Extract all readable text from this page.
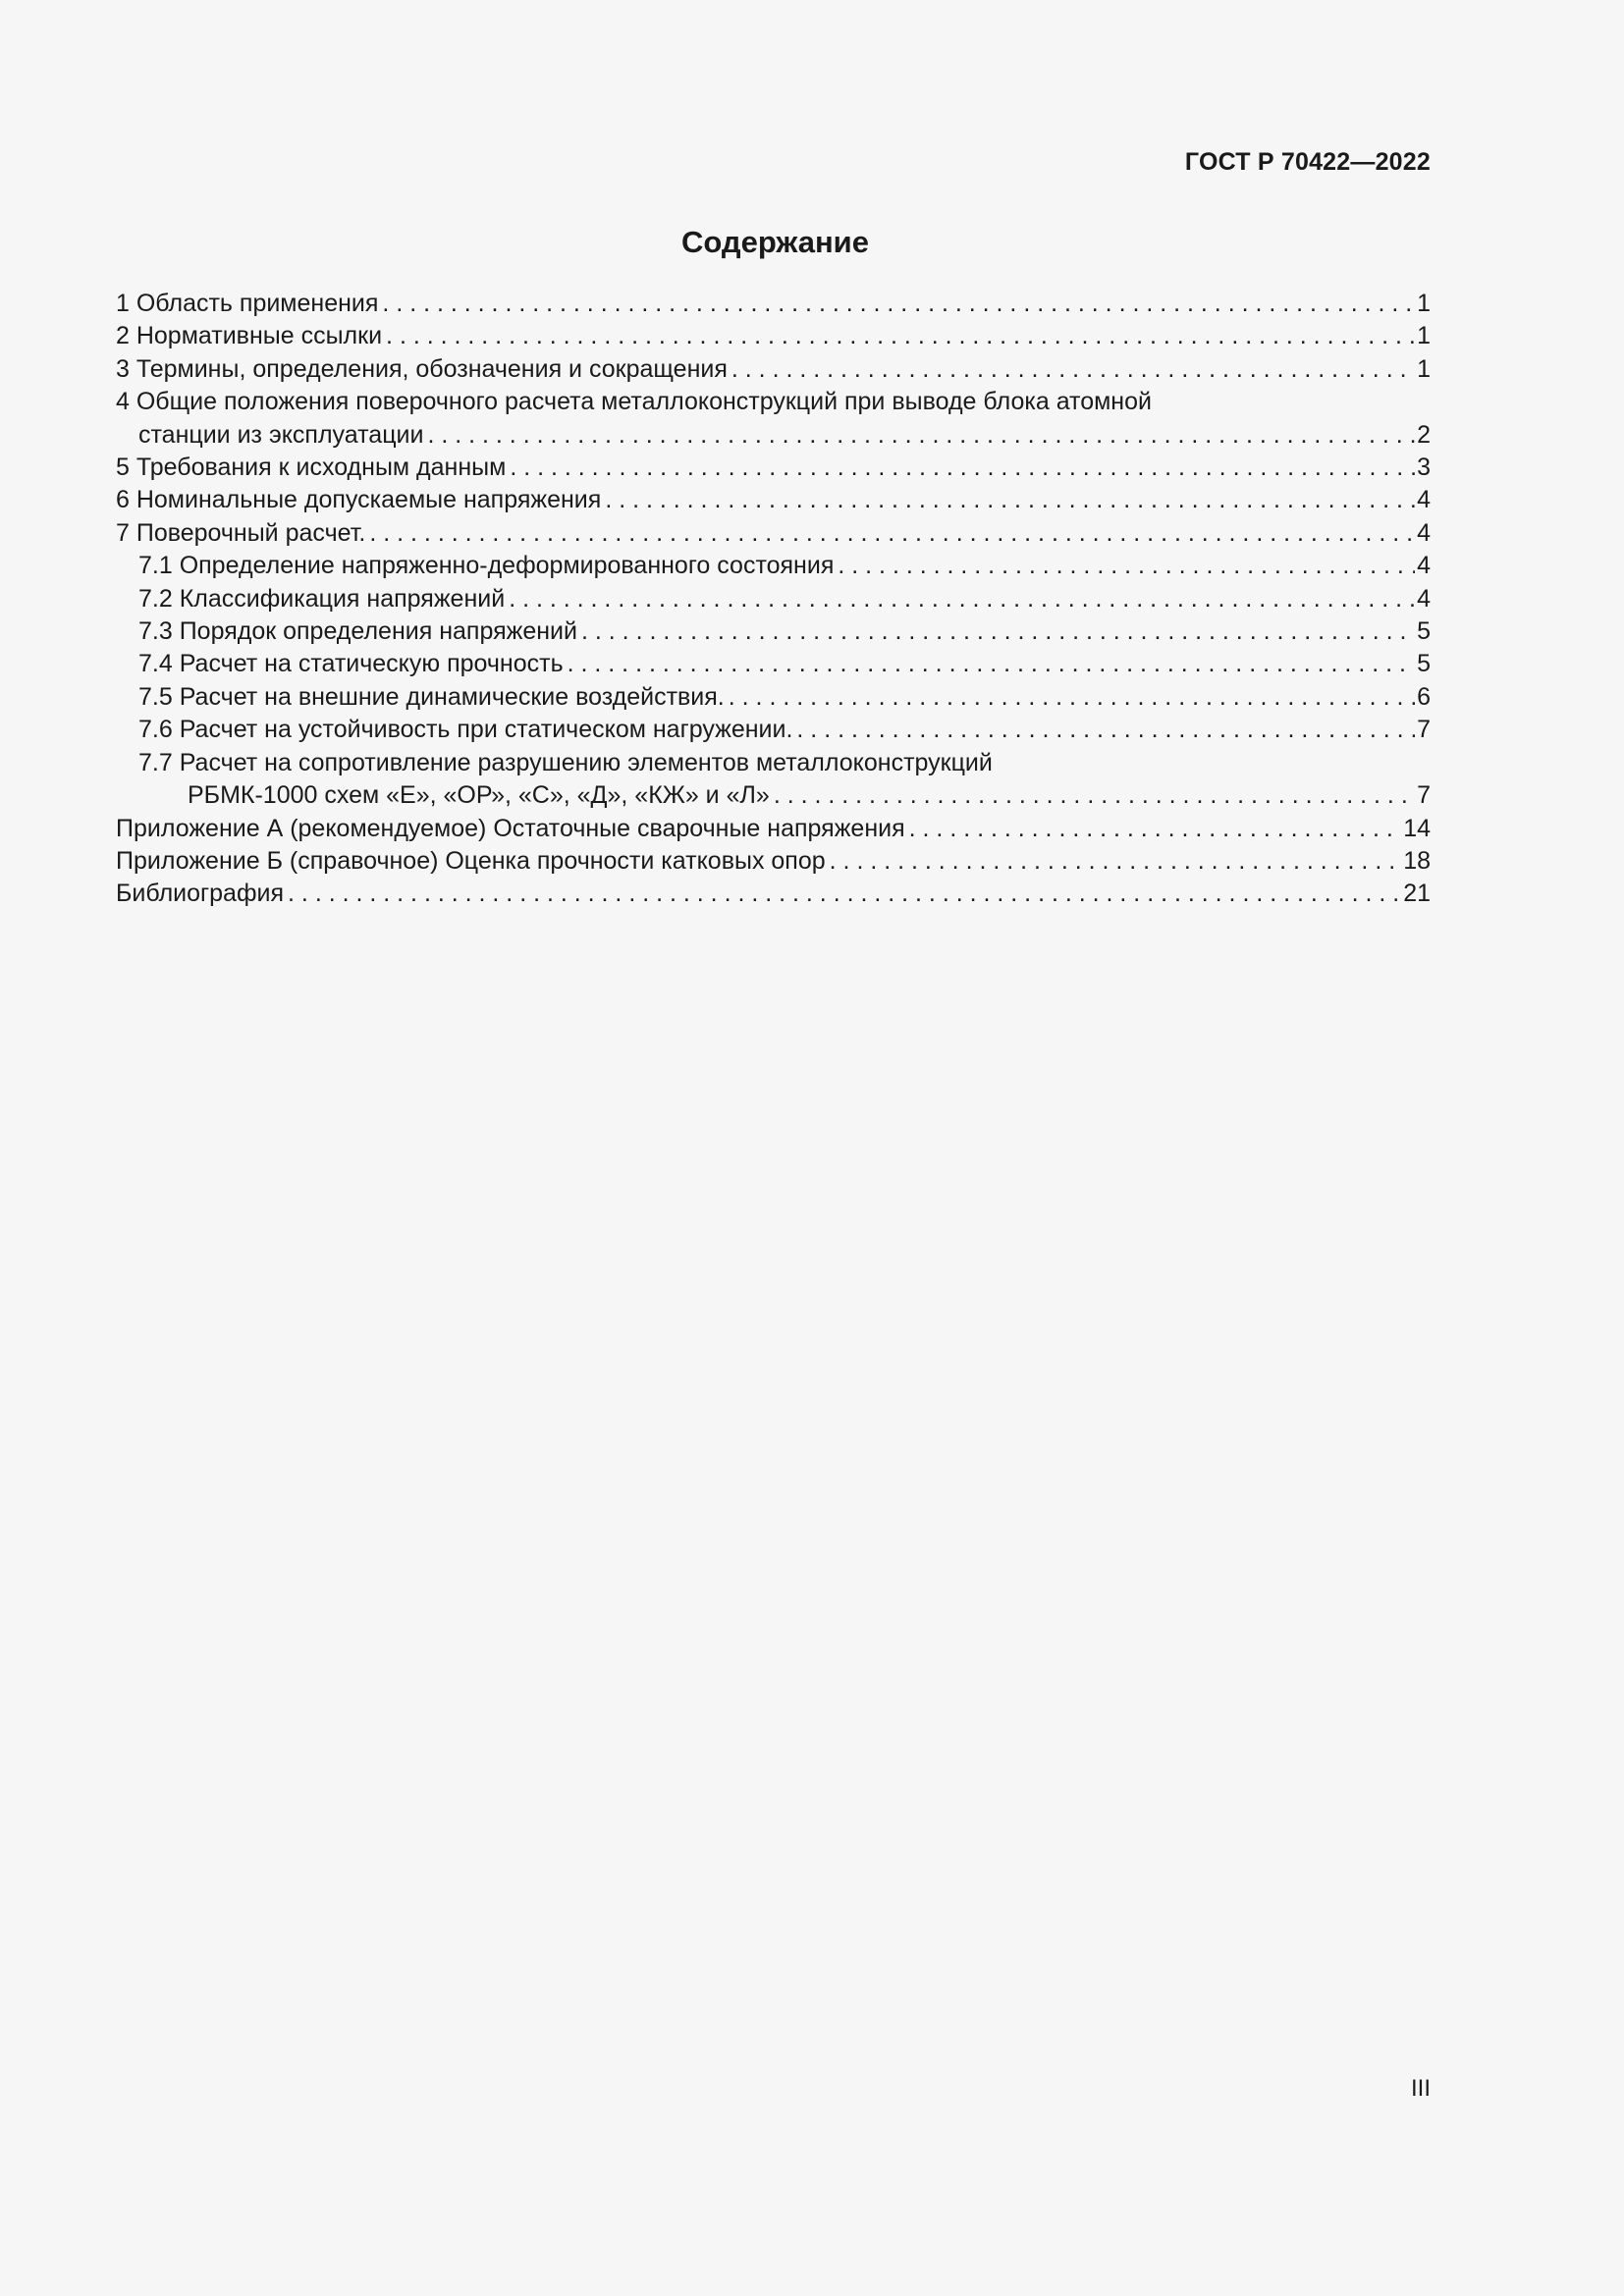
ГОСТ Р 70422—2022
Содержание
1 Область применения . . .	1
2 Нормативные ссылки . . .	1
3 Термины, определения, обозначения и сокращения . . .	1
4 Общие положения поверочного расчета металлоконструкций при выводе блока атомной
станции из эксплуатации . . .	2
5 Требования к исходным данным . . .	3
6 Номинальные допускаемые напряжения . . .	4
7 Поверочный расчет. . . .	4
7.1 Определение напряженно-деформированного состояния . . .	4
7.2 Классификация напряжений . . .	4
7.3 Порядок определения напряжений . . .	5
7.4 Расчет на статическую прочность . . .	5
7.5 Расчет на внешние динамические воздействия. . . .	6
7.6 Расчет на устойчивость при статическом нагружении. . . .	7
7.7 Расчет на сопротивление разрушению элементов металлоконструкций
РБМК-1000 схем «Е», «ОР», «С», «Д», «КЖ» и «Л» . . .	7
Приложение А (рекомендуемое) Остаточные сварочные напряжения . . .	14
Приложение Б (справочное) Оценка прочности катковых опор . . .	18
Библиография . . .	21
III
